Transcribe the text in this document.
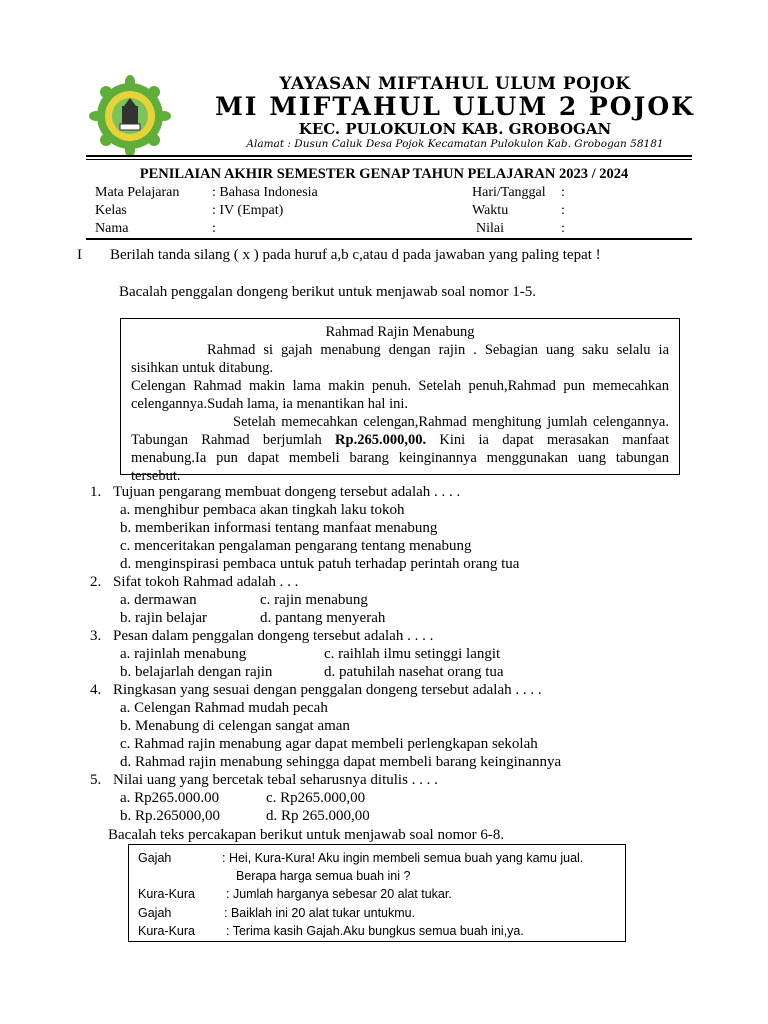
YAYASAN MIFTAHUL ULUM POJOK
MI MIFTAHUL ULUM 2 POJOK
KEC. PULOKULON KAB. GROBOGAN
Alamat : Dusun Caluk Desa Pojok Kecamatan Pulokulon Kab. Grobogan 58181
PENILAIAN AKHIR SEMESTER GENAP TAHUN PELAJARAN 2023 / 2024
Mata Pelajaran : Bahasa Indonesia
Kelas	: IV (Empat)
Nama	:
Hari/Tanggal :
Waktu	:
Nilai	:
I Berilah tanda silang ( x ) pada huruf a,b c,atau d pada jawaban yang paling tepat !
Bacalah penggalan dongeng berikut untuk menjawab soal nomor 1-5.

Rahmad Rajin Menabung

Rahmad si gajah menabung dengan rajin . Sebagian uang saku selalu ia sisihkan untuk ditabung.

Celengan Rahmad makin lama makin penuh. Setelah penuh,Rahmad pun memecahkan celengannya.Sudah lama, ia menantikan hal ini.

Setelah memecahkan celengan,Rahmad menghitung jumlah celengannya. Tabungan Rahmad berjumlah Rp.265.000,00. Kini ia dapat merasakan manfaat menabung.Ia pun dapat membeli barang keinginannya menggunakan uang tabungan tersebut.

1. Tujuan pengarang membuat dongeng tersebut adalah . . . .
a. menghibur pembaca akan tingkah laku tokoh
b. memberikan informasi tentang manfaat menabung
c. menceritakan pengalaman pengarang tentang menabung
d. menginspirasi pembaca untuk patuh terhadap perintah orang tua
2. Sifat tokoh Rahmad adalah . . .
a. dermawan	c. rajin menabung
b. rajin belajar	d. pantang menyerah
3. Pesan dalam penggalan dongeng tersebut adalah . . . .
a. rajinlah menabung	c. raihlah ilmu setinggi langit
b. belajarlah dengan rajin	d. patuhilah nasehat orang tua
4. Ringkasan yang sesuai dengan penggalan dongeng tersebut adalah . . . .
a. Celengan Rahmad mudah pecah
b. Menabung di celengan sangat aman
c. Rahmad rajin menabung agar dapat membeli perlengkapan sekolah
d. Rahmad rajin menabung sehingga dapat membeli barang keinginannya
5. Nilai uang yang bercetak tebal seharusnya ditulis . . . .
a. Rp265.000.00	c. Rp265.000,00
b. Rp.265000,00	d. Rp 265.000,00
Bacalah teks percakapan berikut untuk menjawab soal nomor 6-8.
Gajah	: Hei, Kura-Kura! Aku ingin membeli semua buah yang kamu jual.
Berapa harga semua buah ini ?
Kura-Kura : Jumlah harganya sebesar 20 alat tukar.
Gajah	: Baiklah ini 20 alat tukar untukmu.
Kura-Kura : Terima kasih Gajah.Aku bungkus semua buah ini,ya.
